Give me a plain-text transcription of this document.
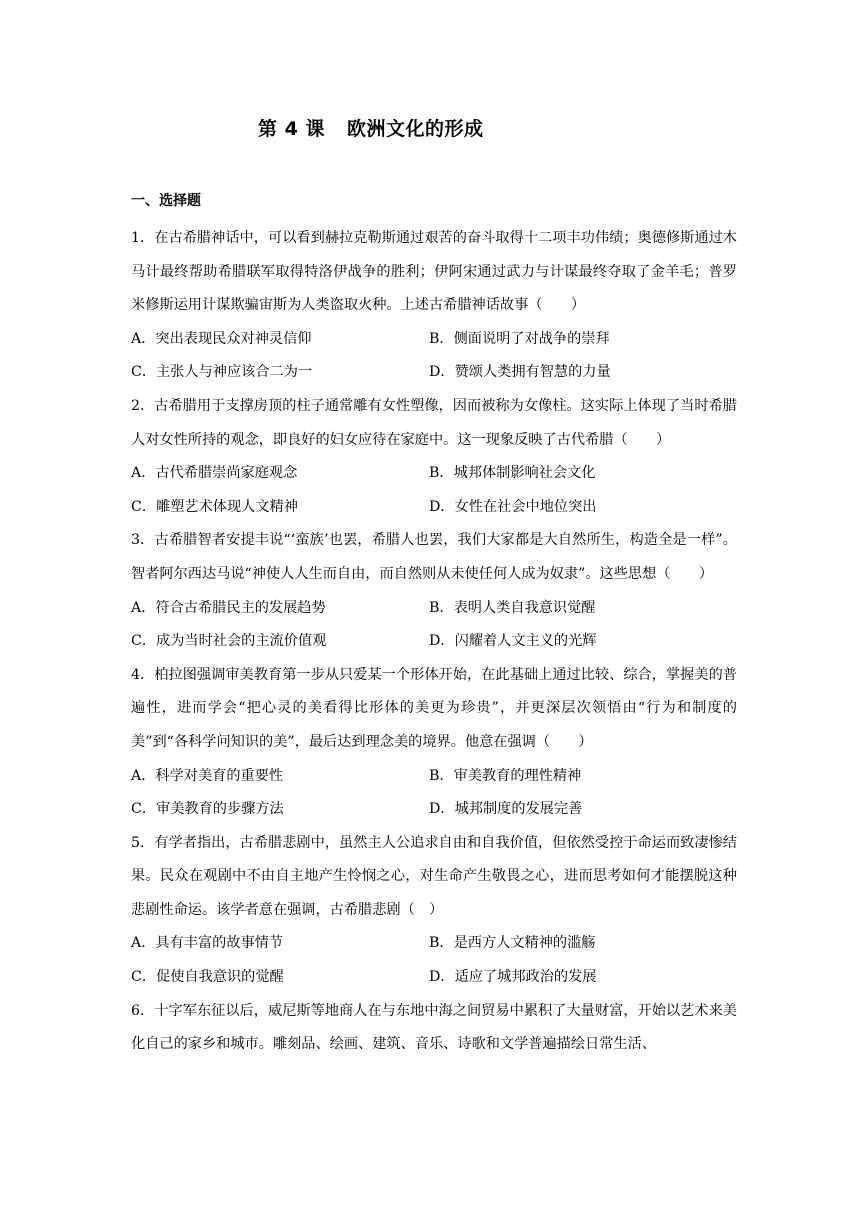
第 4 课 欧洲文化的形成
一、选择题

1．在古希腊神话中，可以看到赫拉克勒斯通过艰苦的奋斗取得十二项丰功伟绩；奥德修斯通过木马计最终帮助希腊联军取得特洛伊战争的胜利；伊阿宋通过武力与计谋最终夺取了金羊毛；普罗米修斯运用计谋欺骗宙斯为人类盗取火种。上述古希腊神话故事（　　）

A．突出表现民众对神灵信仰	B．侧面说明了对战争的崇拜
C．主张人与神应该合二为一	D．赞颂人类拥有智慧的力量

2．古希腊用于支撑房顶的柱子通常雕有女性塑像，因而被称为女像柱。这实际上体现了当时希腊人对女性所持的观念，即良好的妇女应待在家庭中。这一现象反映了古代希腊（　　）

A．古代希腊崇尚家庭观念	B．城邦体制影响社会文化
C．雕塑艺术体现人文精神	D．女性在社会中地位突出

3．古希腊智者安提丰说“‘蛮族’也罢，希腊人也罢，我们大家都是大自然所生，构造全是一样”。 智者阿尔西达马说“神使人人生而自由，而自然则从未使任何人成为奴隶”。这些思想（　　）

A．符合古希腊民主的发展趋势	B．表明人类自我意识觉醒
C．成为当时社会的主流价值观	D．闪耀着人文主义的光辉

4．柏拉图强调审美教育第一步从只爱某一个形体开始，在此基础上通过比较、综合，掌握美的普遍性，进而学会“把心灵的美看得比形体的美更为珍贵”，并更深层次领悟由“行为和制度的美”到“各科学问知识的美”，最后达到理念美的境界。他意在强调（　　）

A．科学对美育的重要性	B．审美教育的理性精神
C．审美教育的步骤方法	D．城邦制度的发展完善

5．有学者指出，古希腊悲剧中，虽然主人公追求自由和自我价值，但依然受控于命运而致凄惨结果。民众在观剧中不由自主地产生怜悯之心，对生命产生敬畏之心，进而思考如何才能摆脱这种悲剧性命运。该学者意在强调，古希腊悲剧（　）

A．具有丰富的故事情节	B．是西方人文精神的滥觞
C．促使自我意识的觉醒	D．适应了城邦政治的发展

6．十字军东征以后，威尼斯等地商人在与东地中海之间贸易中累积了大量财富，开始以艺术来美化自己的家乡和城市。雕刻品、绘画、建筑、音乐、诗歌和文学普遍描绘日常生活、
